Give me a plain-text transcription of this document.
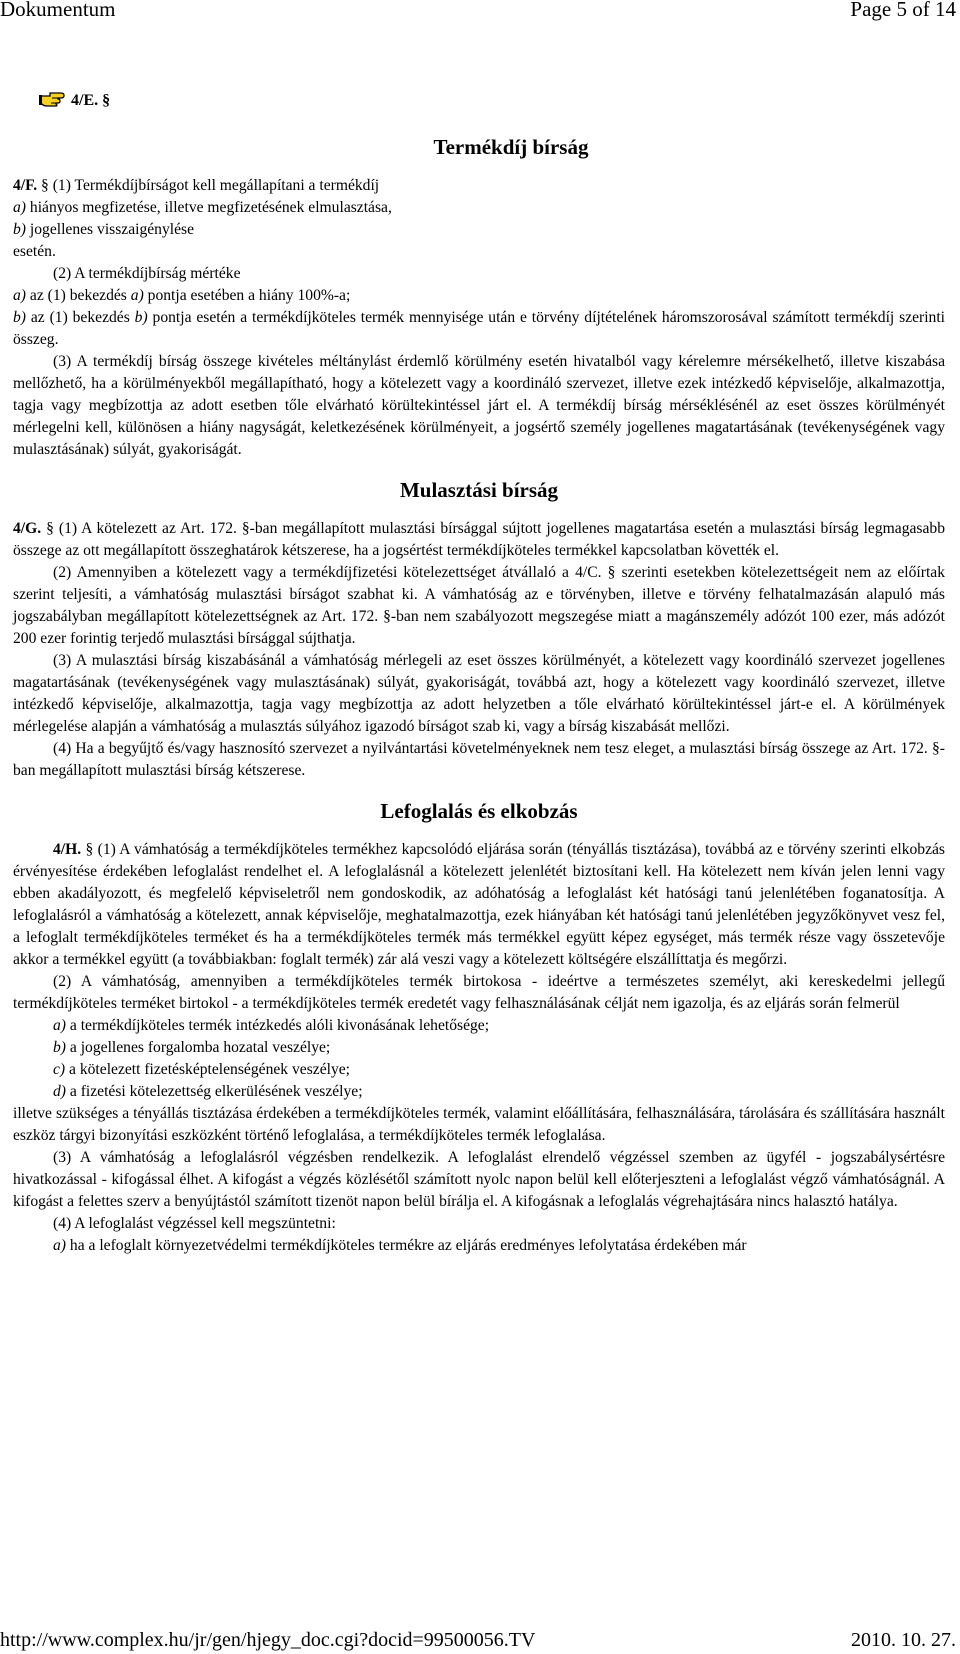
Dokumentum	Page 5 of 14
4/E. §
Termékdíj bírság

4/F. § (1) Termékdíjbírságot kell megállapítani a termékdíj

a) hiányos megfizetése, illetve megfizetésének elmulasztása,

b) jogellenes visszaigénylése

esetén.

(2) A termékdíjbírság mértéke

a) az (1) bekezdés a) pontja esetében a hiány 100%-a;

b) az (1) bekezdés b) pontja esetén a termékdíjköteles termék mennyisége után e törvény díjtételének háromszorosával számított termékdíj szerinti összeg.

(3) A termékdíj bírság összege kivételes méltánylást érdemlő körülmény esetén hivatalból vagy kérelemre mérsékelhető, illetve kiszabása mellőzhető, ha a körülményekből megállapítható, hogy a kötelezett vagy a koordináló szervezet, illetve ezek intézkedő képviselője, alkalmazottja, tagja vagy megbízottja az adott esetben tőle elvárható körültekintéssel járt el. A termékdíj bírság mérséklésénél az eset összes körülményét mérlegelni kell, különösen a hiány nagyságát, keletkezésének körülményeit, a jogsértő személy jogellenes magatartásának (tevékenységének vagy mulasztásának) súlyát, gyakoriságát.

Mulasztási bírság

4/G. § (1) A kötelezett az Art. 172. §-ban megállapított mulasztási bírsággal sújtott jogellenes magatartása esetén a mulasztási bírság legmagasabb összege az ott megállapított összeghatárok kétszerese, ha a jogsértést termékdíjköteles termékkel kapcsolatban követték el.

(2) Amennyiben a kötelezett vagy a termékdíjfizetési kötelezettséget átvállaló a 4/C. § szerinti esetekben kötelezettségeit nem az előírtak szerint teljesíti, a vámhatóság mulasztási bírságot szabhat ki. A vámhatóság az e törvényben, illetve e törvény felhatalmazásán alapuló más jogszabályban megállapított kötelezettségnek az Art. 172. §-ban nem szabályozott megszegése miatt a magánszemély adózót 100 ezer, más adózót 200 ezer forintig terjedő mulasztási bírsággal sújthatja.

(3) A mulasztási bírság kiszabásánál a vámhatóság mérlegeli az eset összes körülményét, a kötelezett vagy koordináló szervezet jogellenes magatartásának (tevékenységének vagy mulasztásának) súlyát, gyakoriságát, továbbá azt, hogy a kötelezett vagy koordináló szervezet, illetve intézkedő képviselője, alkalmazottja, tagja vagy megbízottja az adott helyzetben a tőle elvárható körültekintéssel járt-e el. A körülmények mérlegelése alapján a vámhatóság a mulasztás súlyához igazodó bírságot szab ki, vagy a bírság kiszabását mellőzi.

(4) Ha a begyűjtő és/vagy hasznosító szervezet a nyilvántartási követelményeknek nem tesz eleget, a mulasztási bírság összege az Art. 172. §-ban megállapított mulasztási bírság kétszerese.

Lefoglalás és elkobzás

4/H. § (1) A vámhatóság a termékdíjköteles termékhez kapcsolódó eljárása során (tényállás tisztázása), továbbá az e törvény szerinti elkobzás érvényesítése érdekében lefoglalást rendelhet el. A lefoglalásnál a kötelezett jelenlétét biztosítani kell. Ha kötelezett nem kíván jelen lenni vagy ebben akadályozott, és megfelelő képviseletről nem gondoskodik, az adóhatóság a lefoglalást két hatósági tanú jelenlétében foganatosítja. A lefoglalásról a vámhatóság a kötelezett, annak képviselője, meghatalmazottja, ezek hiányában két hatósági tanú jelenlétében jegyzőkönyvet vesz fel, a lefoglalt termékdíjköteles terméket és ha a termékdíjköteles termék más termékkel együtt képez egységet, más termék része vagy összetevője akkor a termékkel együtt (a továbbiakban: foglalt termék) zár alá veszi vagy a kötelezett költségére elszállíttatja és megőrzi.

(2) A vámhatóság, amennyiben a termékdíjköteles termék birtokosa - ideértve a természetes személyt, aki kereskedelmi jellegű termékdíjköteles terméket birtokol - a termékdíjköteles termék eredetét vagy felhasználásának célját nem igazolja, és az eljárás során felmerül

a) a termékdíjköteles termék intézkedés alóli kivonásának lehetősége;

b) a jogellenes forgalomba hozatal veszélye;

c) a kötelezett fizetésképtelenségének veszélye;

d) a fizetési kötelezettség elkerülésének veszélye;

illetve szükséges a tényállás tisztázása érdekében a termékdíjköteles termék, valamint előállítására, felhasználására, tárolására és szállítására használt eszköz tárgyi bizonyítási eszközként történő lefoglalása, a termékdíjköteles termék lefoglalása.

(3) A vámhatóság a lefoglalásról végzésben rendelkezik. A lefoglalást elrendelő végzéssel szemben az ügyfél - jogszabálysértésre hivatkozással - kifogással élhet. A kifogást a végzés közlésétől számított nyolc napon belül kell előterjeszteni a lefoglalást végző vámhatóságnál. A kifogást a felettes szerv a benyújtástól számított tizenöt napon belül bírálja el. A kifogásnak a lefoglalás végrehajtására nincs halasztó hatálya.

(4) A lefoglalást végzéssel kell megszüntetni:

a) ha a lefoglalt környezetvédelmi termékdíjköteles termékre az eljárás eredményes lefolytatása érdekében már

http://www.complex.hu/jr/gen/hjegy_doc.cgi?docid=99500056.TV	2010. 10. 27.
